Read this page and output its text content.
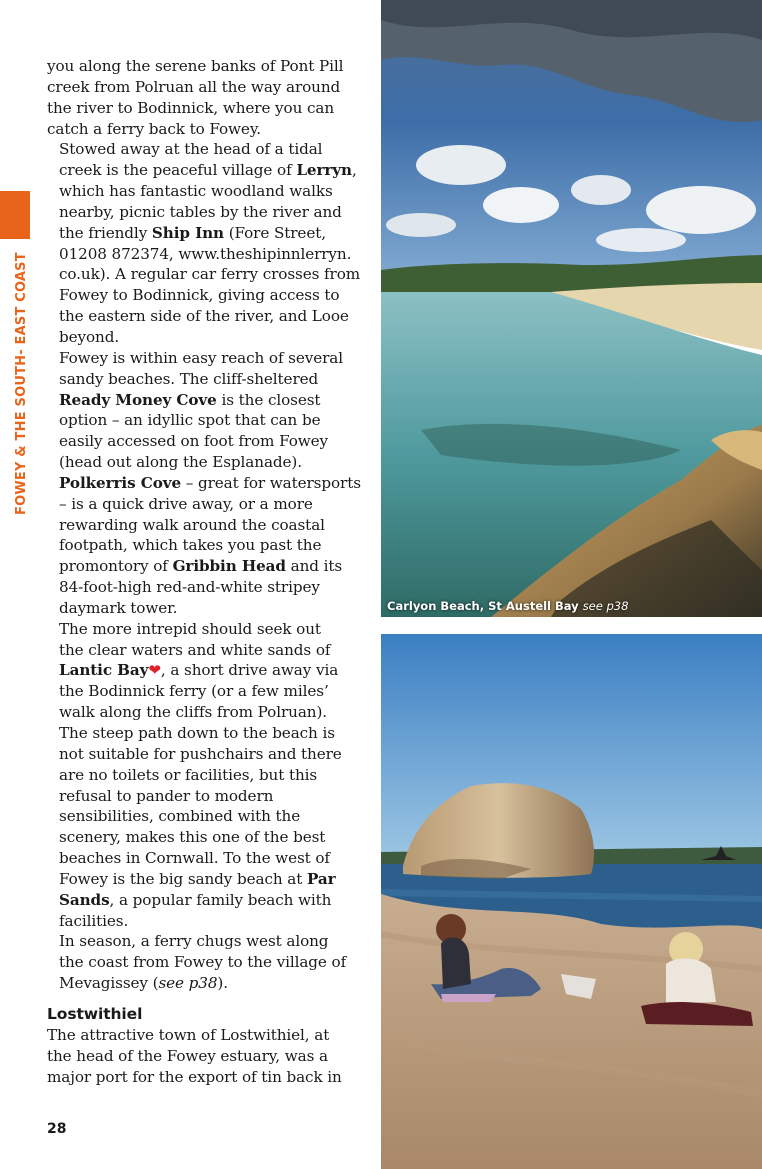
FOWEY & THE SOUTH- EAST COAST

you along the serene banks of Pont Pill
creek from Polruan all the way around
the river to Bodinnick, where you can
catch a ferry back to Fowey.

Stowed away at the head of a tidal
creek is the peaceful village of Lerryn,
which has fantastic woodland walks
nearby, picnic tables by the river and
the friendly Ship Inn (Fore Street,
01208 872374, www.theshipinnlerryn.
co.uk). A regular car ferry crosses from
Fowey to Bodinnick, giving access to
the eastern side of the river, and Looe
beyond.

Fowey is within easy reach of several
sandy beaches. The cliff-sheltered
Ready Money Cove is the closest
option – an idyllic spot that can be
easily accessed on foot from Fowey
(head out along the Esplanade).
Polkerris Cove – great for watersports
– is a quick drive away, or a more
rewarding walk around the coastal
footpath, which takes you past the
promontory of Gribbin Head and its
84-foot-high red-and-white stripey
daymark tower.

The more intrepid should seek out
the clear waters and white sands of
Lantic Bay❤, a short drive away via
the Bodinnick ferry (or a few miles’
walk along the cliffs from Polruan).
The steep path down to the beach is
not suitable for pushchairs and there
are no toilets or facilities, but this
refusal to pander to modern
sensibilities, combined with the
scenery, makes this one of the best
beaches in Cornwall. To the west of
Fowey is the big sandy beach at Par
Sands, a popular family beach with
facilities.

In season, a ferry chugs west along
the coast from Fowey to the village of
Mevagissey (see p38).

Lostwithiel

The attractive town of Lostwithiel, at
the head of the Fowey estuary, was a
major port for the export of tin back in

28
Carlyon Beach, St Austell Bay see p38
